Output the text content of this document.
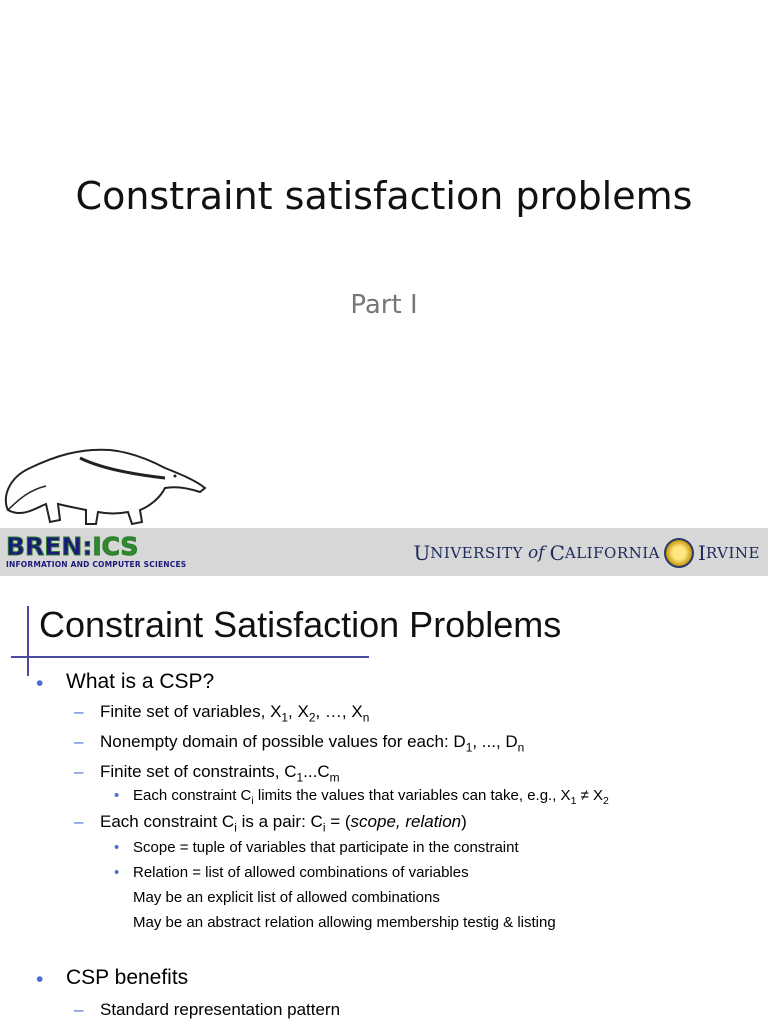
Constraint satisfaction problems
Part I
BREN:ICS
INFORMATION AND COMPUTER SCIENCES	U NIVERSITY of C ALIFORNIA I RVINE
Constraint Satisfaction Problems
• What is a CSP?
– Finite set of variables, $X_1$, $X_2$, …, $X_n$
– Nonempty domain of possible values for each: $D_1$, ..., $D_n$
– Finite set of constraints, $C_1...C_m$
• Each constraint $C_i$ limits the values that variables can take, e.g., $X_1 \ne X_2$
– Each constraint $C_i$ is a pair: $C_i$ = (scope, relation)
• Scope = tuple of variables that participate in the constraint
• Relation = list of allowed combinations of variables
May be an explicit list of allowed combinations
May be an abstract relation allowing membership testig & listing
• CSP benefits
– Standard representation pattern
